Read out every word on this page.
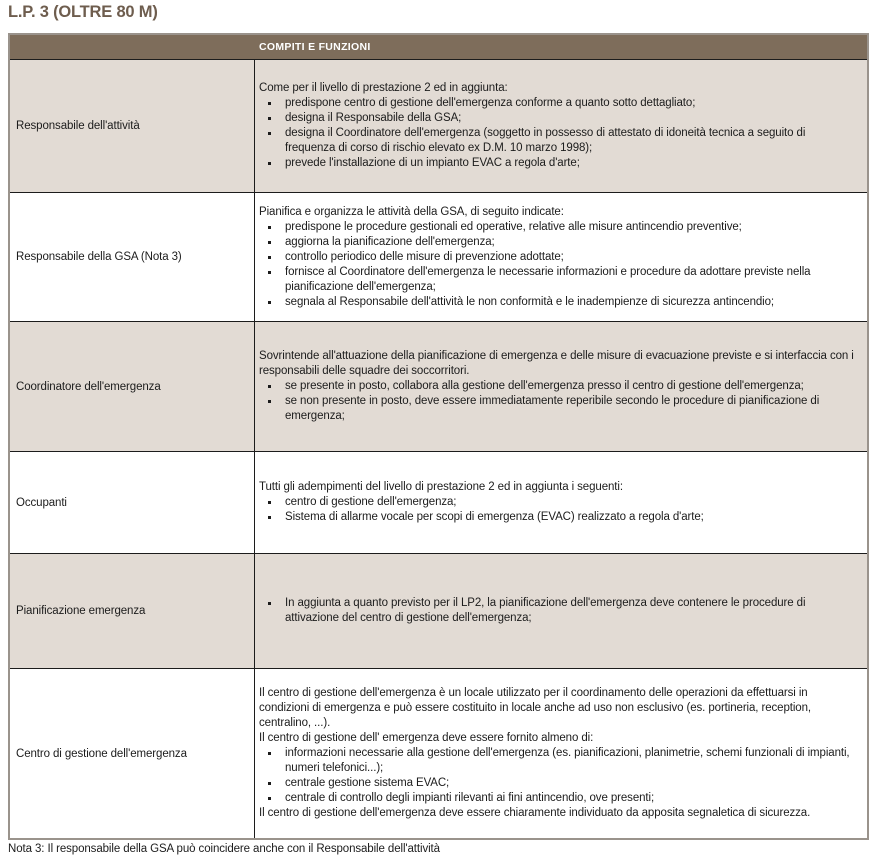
L.P. 3 (OLTRE 80 M)
COMPITI E FUNZIONI
Responsabile dell'attività

Come per il livello di prestazione 2 ed in aggiunta:

predispone centro di gestione dell'emergenza conforme a quanto sotto dettagliato;
designa il Responsabile della GSA;
designa il Coordinatore dell'emergenza (soggetto in possesso di attestato di idoneità tecnica a seguito di frequenza di corso di rischio elevato ex D.M. 10 marzo 1998);
prevede l'installazione di un impianto EVAC a regola d'arte;
Responsabile della GSA (Nota 3)

Pianifica e organizza le attività della GSA, di seguito indicate:

predispone le procedure gestionali ed operative, relative alle misure antincendio preventive;
aggiorna la pianificazione dell'emergenza;
controllo periodico delle misure di prevenzione adottate;
fornisce al Coordinatore dell'emergenza le necessarie informazioni e procedure da adottare previste nella pianificazione dell'emergenza;
segnala al Responsabile dell'attività le non conformità e le inadempienze di sicurezza antincendio;
Coordinatore dell'emergenza

Sovrintende all'attuazione della pianificazione di emergenza e delle misure di evacuazione previste e si interfaccia con i responsabili delle squadre dei soccorritori.

se presente in posto, collabora alla gestione dell'emergenza presso il centro di gestione dell'emergenza;
se non presente in posto, deve essere immediatamente reperibile secondo le procedure di pianificazione di emergenza;
Occupanti

Tutti gli adempimenti del livello di prestazione 2 ed in aggiunta i seguenti:

centro di gestione dell'emergenza;
Sistema di allarme vocale per scopi di emergenza (EVAC) realizzato a regola d'arte;
Pianificazione emergenza
In aggiunta a quanto previsto per il LP2, la pianificazione dell'emergenza deve contenere le procedure di attivazione del centro di gestione dell'emergenza;
Centro di gestione dell'emergenza

Il centro di gestione dell'emergenza è un locale utilizzato per il coordinamento delle operazioni da effettuarsi in condizioni di emergenza e può essere costituito in locale anche ad uso non esclusivo (es. portineria, reception, centralino, ...).

Il centro di gestione dell' emergenza deve essere fornito almeno di:

informazioni necessarie alla gestione dell'emergenza (es. pianificazioni, planimetrie, schemi funzionali di impianti, numeri telefonici...);
centrale gestione sistema EVAC;
centrale di controllo degli impianti rilevanti ai fini antincendio, ove presenti;

Il centro di gestione dell'emergenza deve essere chiaramente individuato da apposita segnaletica di sicurezza.

Nota 3: Il responsabile della GSA può coincidere anche con il Responsabile dell'attività
